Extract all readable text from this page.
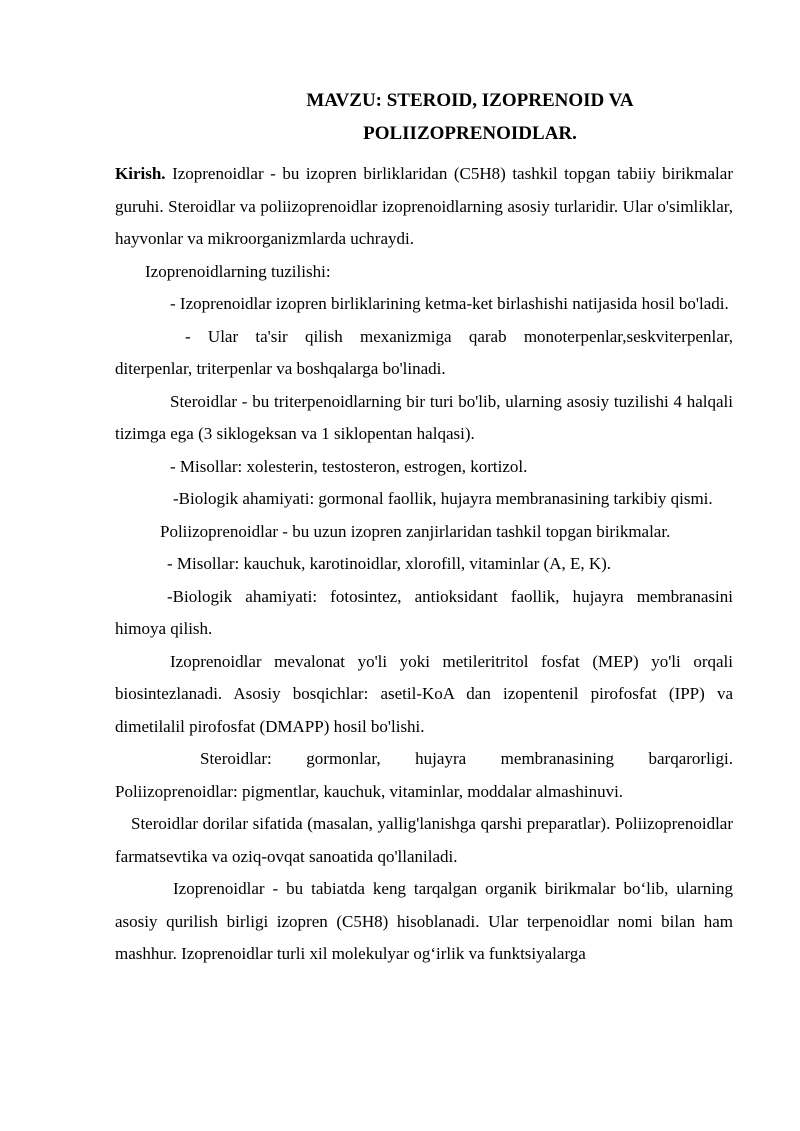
MAVZU: STEROID, IZOPRENOID VA
POLIIZOPRENOIDLAR.

Kirish. Izoprenoidlar - bu izopren birliklaridan (C5H8) tashkil topgan tabiiy birikmalar guruhi. Steroidlar va poliizoprenoidlar izoprenoidlarning asosiy turlaridir. Ular o'simliklar, hayvonlar va mikroorganizmlarda uchraydi.

Izoprenoidlarning tuzilishi:

- Izoprenoidlar izopren birliklarining ketma-ket birlashishi natijasida hosil bo'ladi.

- Ular ta'sir qilish mexanizmiga qarab monoterpenlar,seskviterpenlar, diterpenlar, triterpenlar va boshqalarga bo'linadi.

Steroidlar - bu triterpenoidlarning bir turi bo'lib, ularning asosiy tuzilishi 4 halqali tizimga ega (3 siklogeksan va 1 siklopentan halqasi).

- Misollar: xolesterin, testosteron, estrogen, kortizol.

-Biologik ahamiyati: gormonal faollik, hujayra membranasining tarkibiy qismi.

Poliizoprenoidlar - bu uzun izopren zanjirlaridan tashkil topgan birikmalar.

- Misollar: kauchuk, karotinoidlar, xlorofill, vitaminlar (A, E, K).

-Biologik ahamiyati: fotosintez, antioksidant faollik, hujayra membranasini himoya qilish.

Izoprenoidlar mevalonat yo'li yoki metileritritol fosfat (MEP) yo'li orqali biosintezlanadi. Asosiy bosqichlar: asetil-KoA dan izopentenil pirofosfat (IPP) va dimetilalil pirofosfat (DMAPP) hosil bo'lishi.

Steroidlar: gormonlar, hujayra membranasining barqarorligi. Poliizoprenoidlar: pigmentlar, kauchuk, vitaminlar, moddalar almashinuvi.

Steroidlar dorilar sifatida (masalan, yallig'lanishga qarshi preparatlar). Poliizoprenoidlar farmatsevtika va oziq-ovqat sanoatida qo'llaniladi.

Izoprenoidlar - bu tabiatda keng tarqalgan organik birikmalar bo‘lib, ularning asosiy qurilish birligi izopren (C5H8) hisoblanadi. Ular terpenoidlar nomi bilan ham mashhur. Izoprenoidlar turli xil molekulyar og‘irlik va funktsiyalarga
